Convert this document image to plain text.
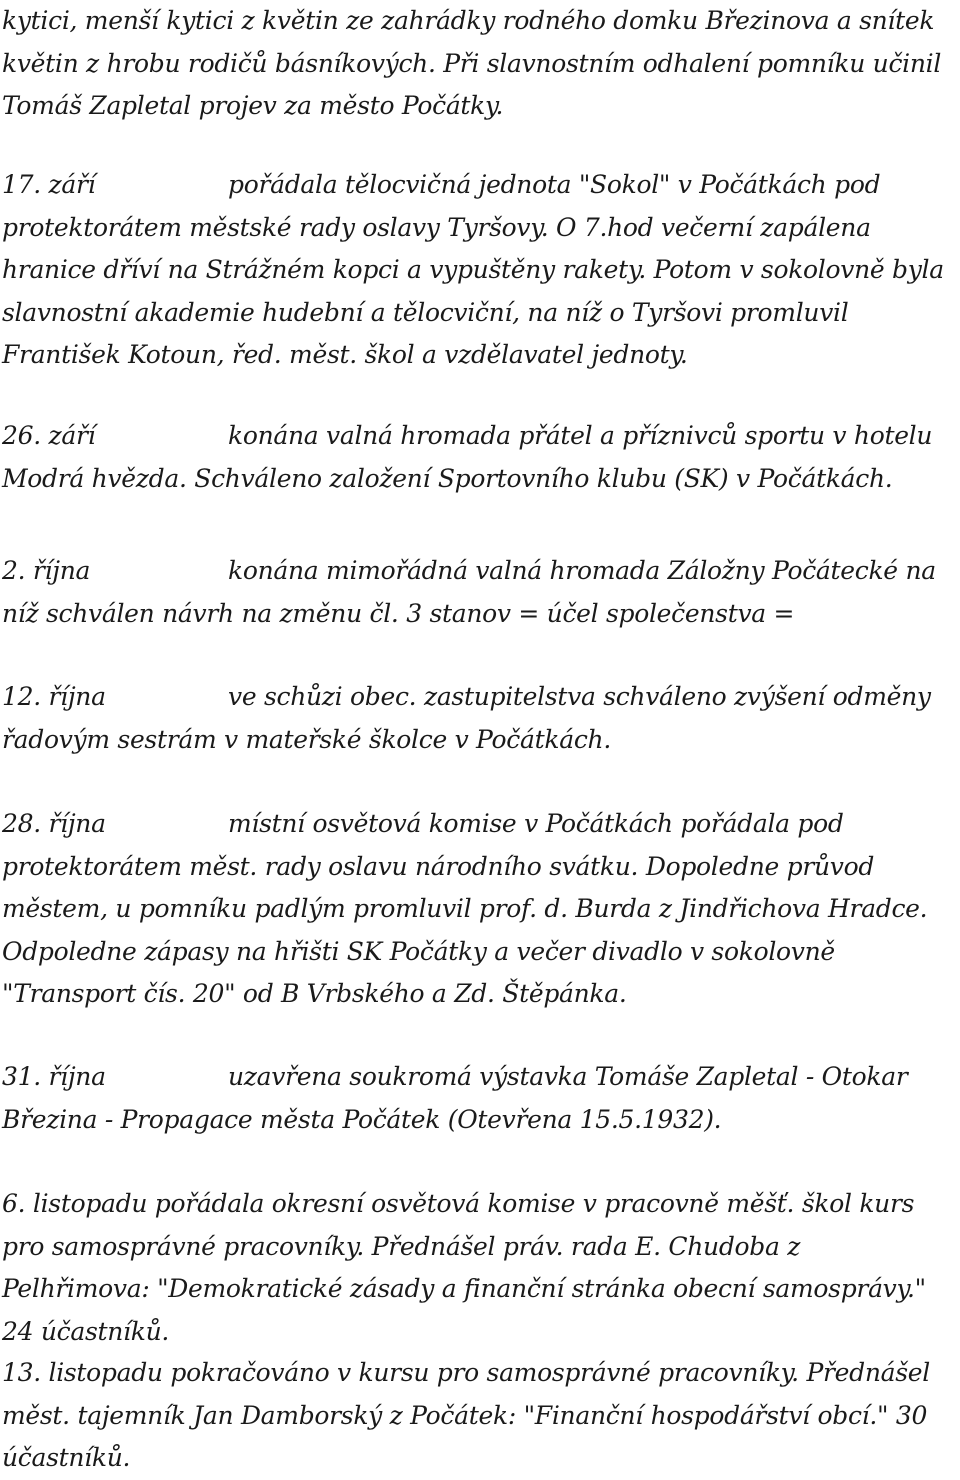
kytici, menší kytici z květin ze zahrádky rodného domku Březinova a snítek květin z hrobu rodičů básníkových. Při slavnostním odhalení pomníku učinil Tomáš Zapletal projev za město Počátky.

17. září	pořádala tělocvičná jednota "Sokol" v Počátkách pod protektorátem městské rady oslavy Tyršovy. O 7.hod večerní zapálena hranice dříví na Strážném kopci a vypuštěny rakety. Potom v sokolovně byla slavnostní akademie hudební a tělocviční, na níž o Tyršovi promluvil František Kotoun, řed. měst. škol a vzdělavatel jednoty.

26. září	konána valná hromada přátel a příznivců sportu v hotelu Modrá hvězda. Schváleno založení Sportovního klubu (SK) v Počátkách.

2. října	konána mimořádná valná hromada Záložny Počátecké na níž schválen návrh na změnu čl. 3 stanov = účel společenstva =

12. října	ve schůzi obec. zastupitelstva schváleno zvýšení odměny řadovým sestrám v mateřské školce v Počátkách.

28. října	místní osvětová komise v Počátkách pořádala pod protektorátem měst. rady oslavu národního svátku. Dopoledne průvod městem, u pomníku padlým promluvil prof. d. Burda z Jindřichova Hradce. Odpoledne zápasy na hřišti SK Počátky a večer divadlo v sokolovně "Transport čís. 20" od B Vrbského a Zd. Štěpánka.

31. října	uzavřena soukromá výstavka Tomáše Zapletal - Otokar Březina - Propagace města Počátek (Otevřena 15.5.1932).

6. listopadu pořádala okresní osvětová komise v pracovně měšť. škol kurs pro samosprávné pracovníky. Přednášel práv. rada E. Chudoba z Pelhřimova: "Demokratické zásady a finanční stránka obecní samosprávy." 24 účastníků.

13. listopadu pokračováno v kursu pro samosprávné pracovníky. Přednášel měst. tajemník Jan Damborský z Počátek: "Finanční hospodářství obcí." 30 účastníků.
